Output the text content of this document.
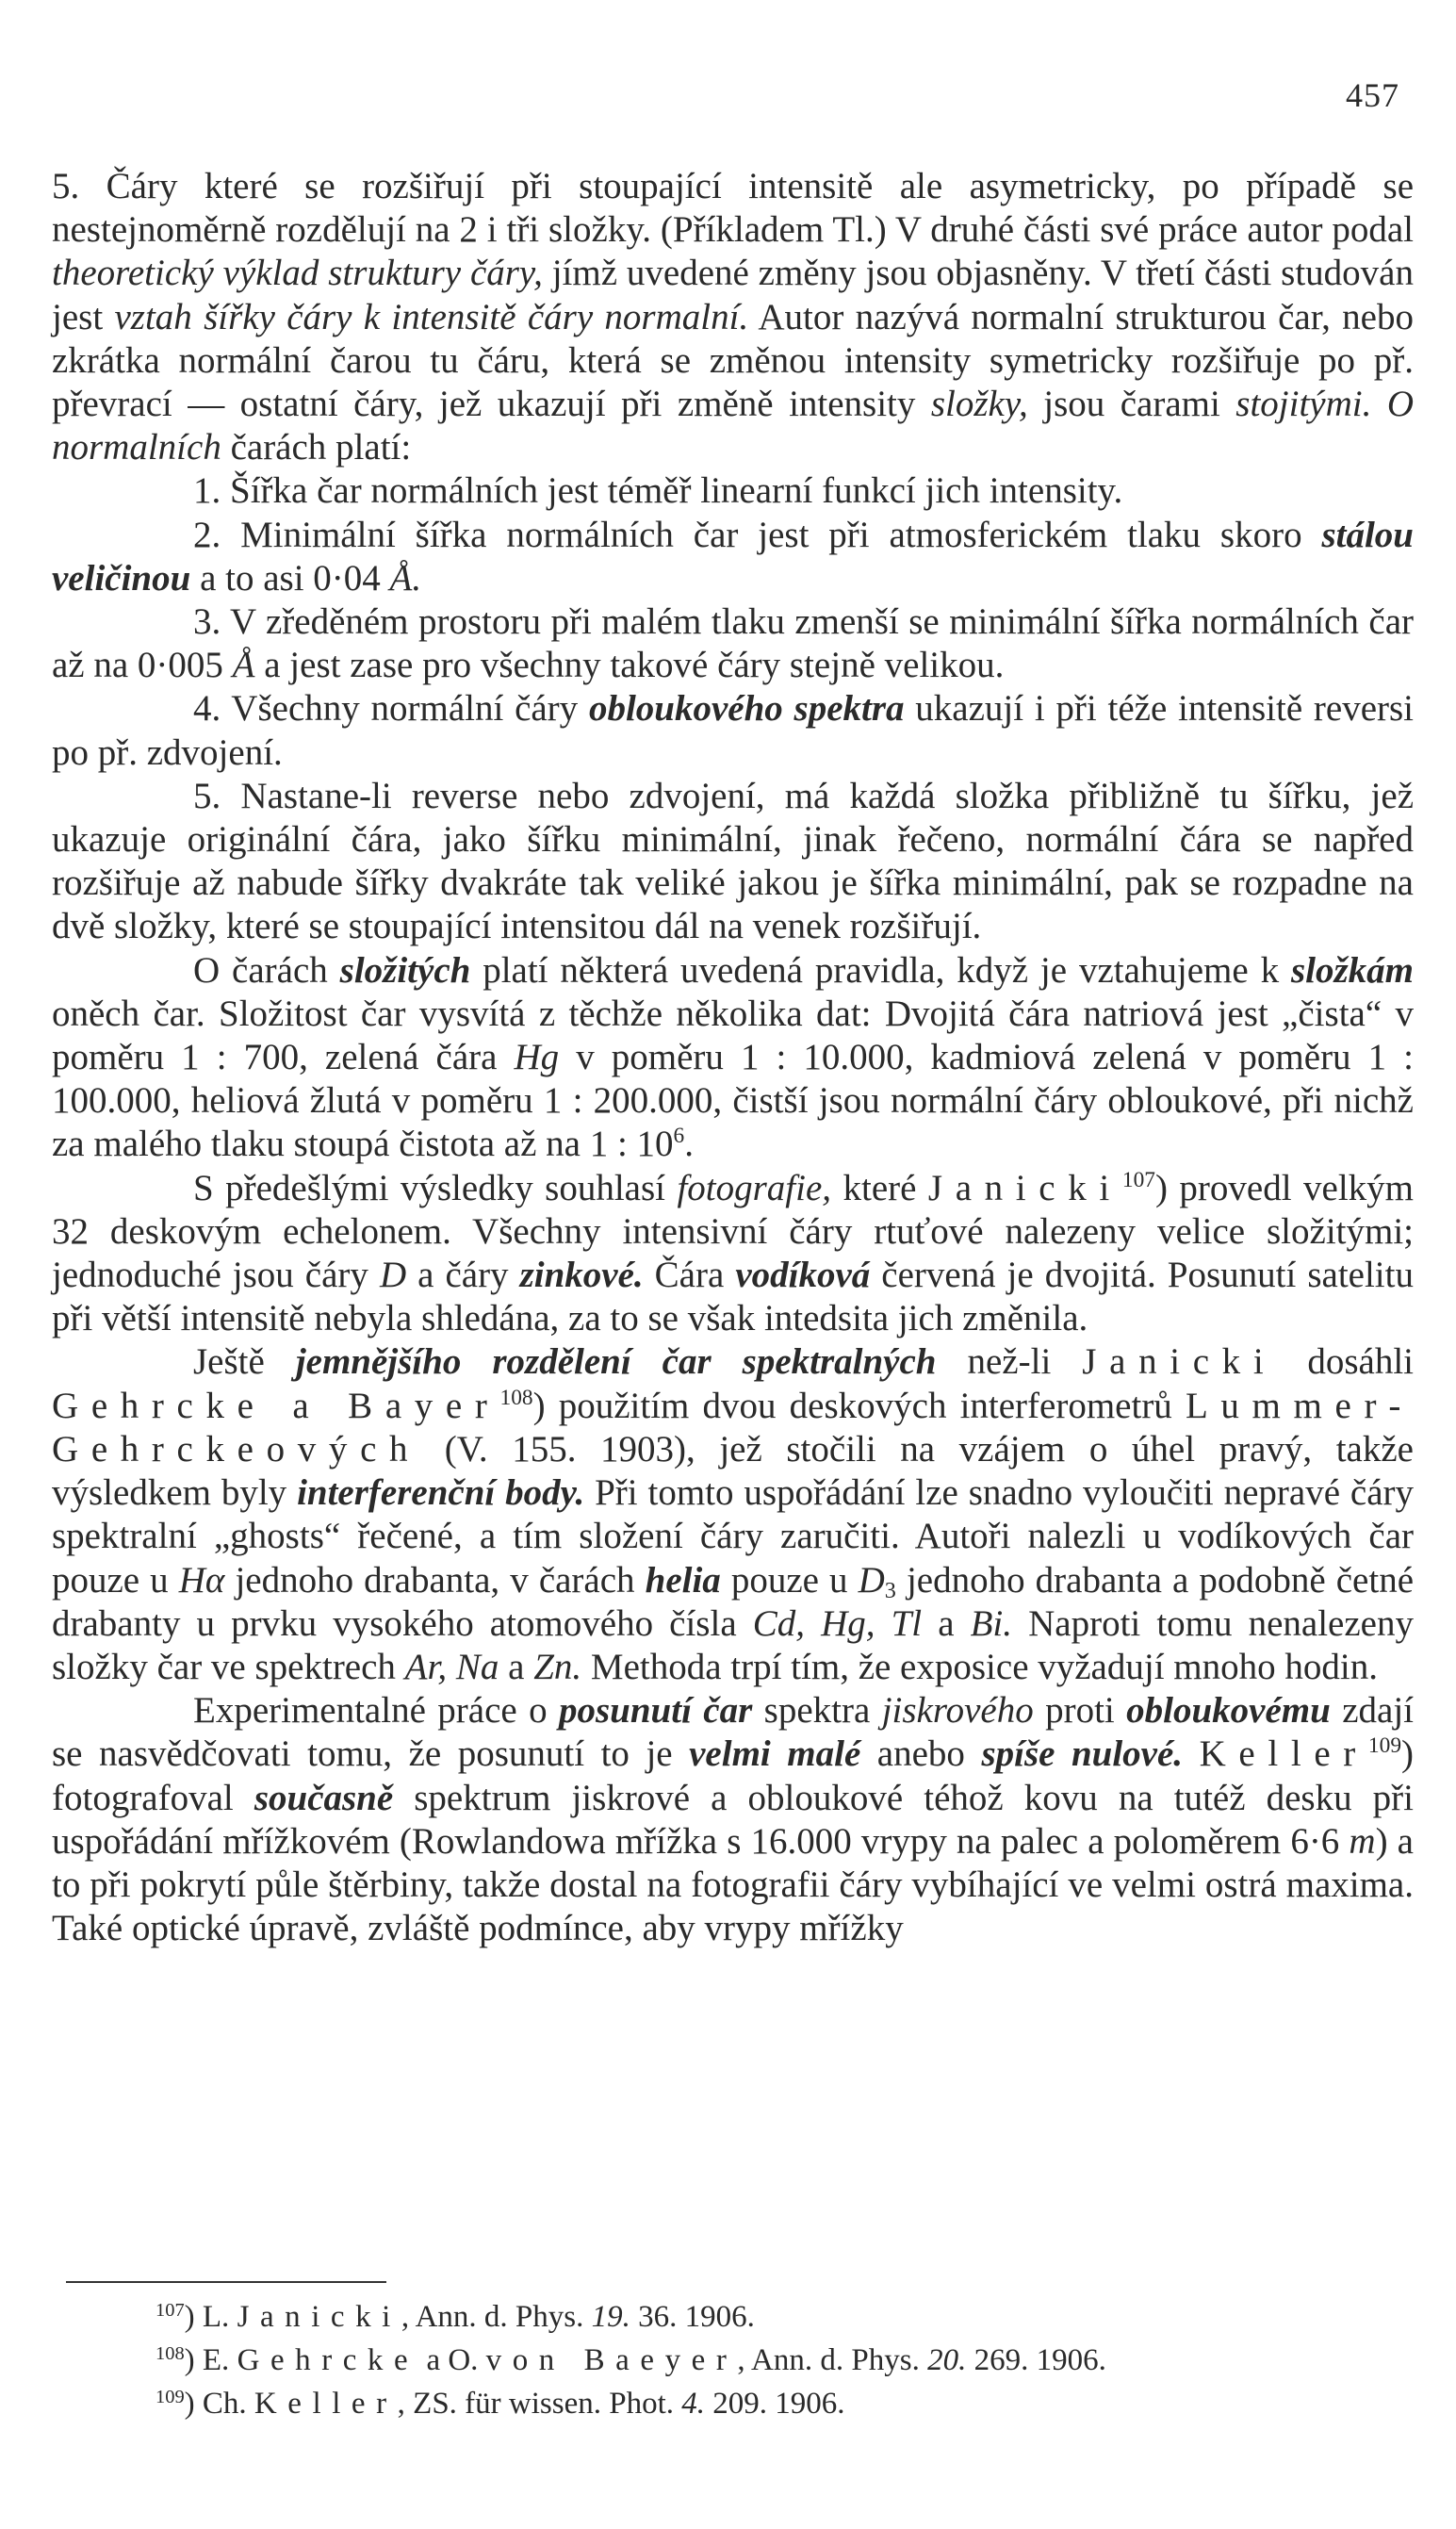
457

5. Čáry které se rozšiřují při stoupající intensitě ale asymetricky, po případě se nestejnoměrně rozdělují na 2 i tři složky. (Příkladem Tl.) V druhé části své práce autor podal theoretický výklad struktury čáry, jímž uvedené změny jsou objasněny. V třetí části studován jest vztah šířky čáry k intensitě čáry normalní. Autor nazývá normalní strukturou čar, nebo zkrátka normální čarou tu čáru, která se změnou intensity symetricky rozšiřuje po př. převrací — ostatní čáry, jež ukazují při změně intensity složky, jsou čarami stojitými. O normalních čarách platí:

1. Šířka čar normálních jest téměř linearní funkcí jich intensity.

2. Minimální šířka normálních čar jest při atmosferickém tlaku skoro stálou veličinou a to asi 0·04 Å.

3. V zředěném prostoru při malém tlaku zmenší se minimální šířka normálních čar až na 0·005 Å a jest zase pro všechny takové čáry stejně velikou.

4. Všechny normální čáry obloukového spektra ukazují i při téže intensitě reversi po př. zdvojení.

5. Nastane-li reverse nebo zdvojení, má každá složka přibližně tu šířku, jež ukazuje originální čára, jako šířku minimální, jinak řečeno, normální čára se napřed rozšiřuje až nabude šířky dvakráte tak veliké jakou je šířka minimální, pak se rozpadne na dvě složky, které se stoupající intensitou dál na venek rozšiřují.

O čarách složitých platí některá uvedená pravidla, když je vztahujeme k složkám oněch čar. Složitost čar vysvítá z těchže několika dat: Dvojitá čára natriová jest „čista“ v poměru 1 : 700, zelená čára Hg v poměru 1 : 10.000, kadmiová zelená v poměru 1 : 100.000, heliová žlutá v poměru 1 : 200.000, čistší jsou normální čáry obloukové, při nichž za malého tlaku stoupá čistota až na 1 : $10^6$.

S předešlými výsledky souhlasí fotografie, které Janicki$^{107}$) provedl velkým 32 deskovým echelonem. Všechny intensivní čáry rtuťové nalezeny velice složitými; jednoduché jsou čáry D a čáry zinkové. Čára vodíková červená je dvojitá. Posunutí satelitu při větší intensitě nebyla shledána, za to se však intedsita jich změnila.

Ještě jemnějšího rozdělení čar spektralných než-li Janicki dosáhli Gehrcke a Bayer$^{108}$) použitím dvou deskových interferometrů Lummer-Gehrckeových (V. 155. 1903), jež stočili na vzájem o úhel pravý, takže výsledkem byly interferenční body. Při tomto uspořádání lze snadno vyloučiti nepravé čáry spektralní „ghosts“ řečené, a tím složení čáry zaručiti. Autoři nalezli u vodíkových čar pouze u Hα jednoho drabanta, v čarách helia pouze u $D_3$ jednoho drabanta a podobně četné drabanty u prvku vysokého atomového čísla Cd, Hg, Tl a Bi. Naproti tomu nenalezeny složky čar ve spektrech Ar, Na a Zn. Methoda trpí tím, že exposice vyžadují mnoho hodin.

Experimentalné práce o posunutí čar spektra jiskrového proti obloukovému zdají se nasvědčovati tomu, že posunutí to je velmi malé anebo spíše nulové. Keller$^{109}$) fotografoval současně spektrum jiskrové a obloukové téhož kovu na tutéž desku při uspořádání mřížkovém (Rowlandowa mřížka s 16.000 vrypy na palec a poloměrem 6·6 m) a to při pokrytí půle štěrbiny, takže dostal na fotografii čáry vybíhající ve velmi ostrá maxima. Také optické úpravě, zvláště podmínce, aby vrypy mřížky

$^{107}$) L. Janicki, Ann. d. Phys. 19. 36. 1906.

$^{108}$) E. Gehrcke a O. von Baeyer, Ann. d. Phys. 20. 269. 1906.

$^{109}$) Ch. Keller, ZS. für wissen. Phot. 4. 209. 1906.
